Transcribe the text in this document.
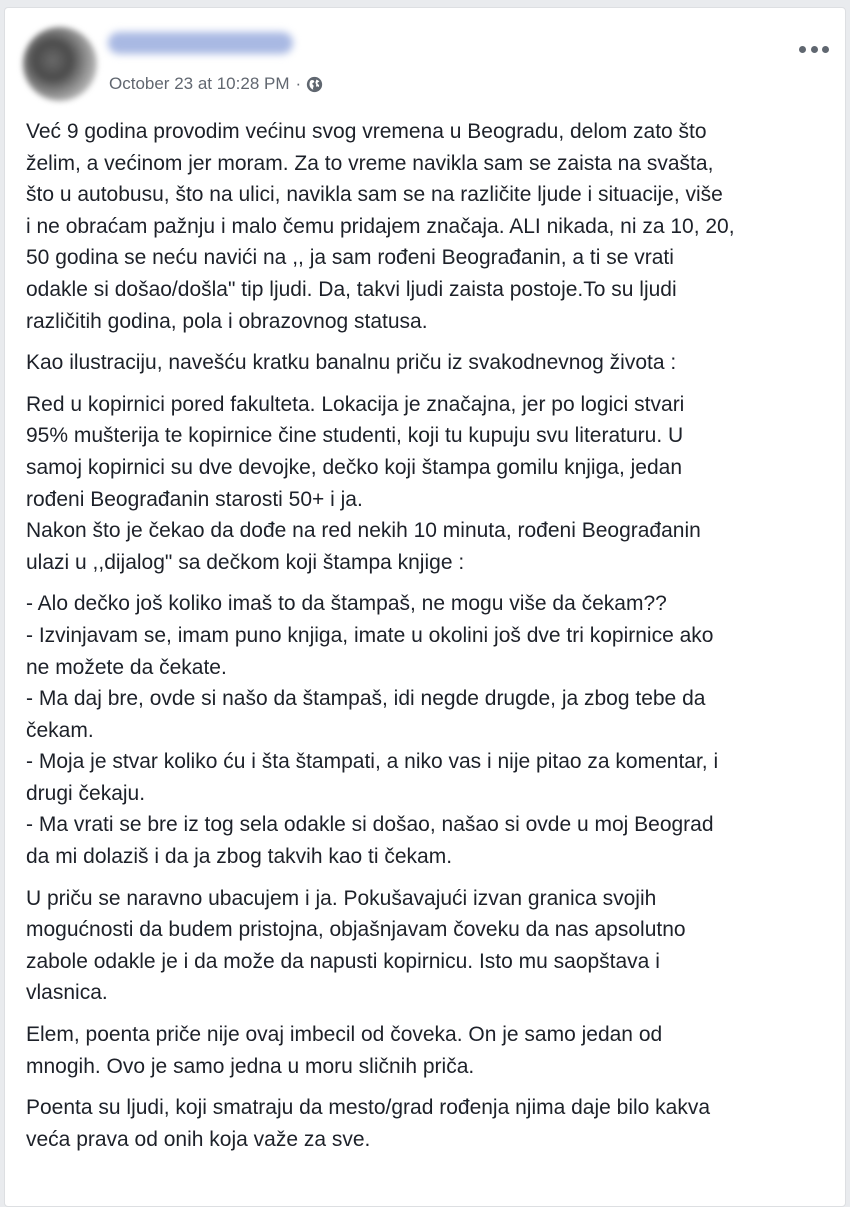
October 23 at 10:28 PM ·

Već 9 godina provodim većinu svog vremena u Beogradu, delom zato što
želim, a većinom jer moram. Za to vreme navikla sam se zaista na svašta,
što u autobusu, što na ulici, navikla sam se na različite ljude i situacije, više
i ne obraćam pažnju i malo čemu pridajem značaja. ALI nikada, ni za 10, 20,
50 godina se neću navići na ,, ja sam rođeni Beograđanin, a ti se vrati
odakle si došao/došla" tip ljudi. Da, takvi ljudi zaista postoje.To su ljudi
različitih godina, pola i obrazovnog statusa.

Kao ilustraciju, navešću kratku banalnu priču iz svakodnevnog života :

Red u kopirnici pored fakulteta. Lokacija je značajna, jer po logici stvari
95% mušterija te kopirnice čine studenti, koji tu kupuju svu literaturu. U
samoj kopirnici su dve devojke, dečko koji štampa gomilu knjiga, jedan
rođeni Beograđanin starosti 50+ i ja.
Nakon što je čekao da dođe na red nekih 10 minuta, rođeni Beograđanin
ulazi u ,,dijalog" sa dečkom koji štampa knjige :

- Alo dečko još koliko imaš to da štampaš, ne mogu više da čekam??
- Izvinjavam se, imam puno knjiga, imate u okolini još dve tri kopirnice ako
ne možete da čekate.
- Ma daj bre, ovde si našo da štampaš, idi negde drugde, ja zbog tebe da
čekam.
- Moja je stvar koliko ću i šta štampati, a niko vas i nije pitao za komentar, i
drugi čekaju.
- Ma vrati se bre iz tog sela odakle si došao, našao si ovde u moj Beograd
da mi dolaziš i da ja zbog takvih kao ti čekam.

U priču se naravno ubacujem i ja. Pokušavajući izvan granica svojih
mogućnosti da budem pristojna, objašnjavam čoveku da nas apsolutno
zabole odakle je i da može da napusti kopirnicu. Isto mu saopštava i
vlasnica.

Elem, poenta priče nije ovaj imbecil od čoveka. On je samo jedan od
mnogih. Ovo je samo jedna u moru sličnih priča.

Poenta su ljudi, koji smatraju da mesto/grad rođenja njima daje bilo kakva
veća prava od onih koja važe za sve.
